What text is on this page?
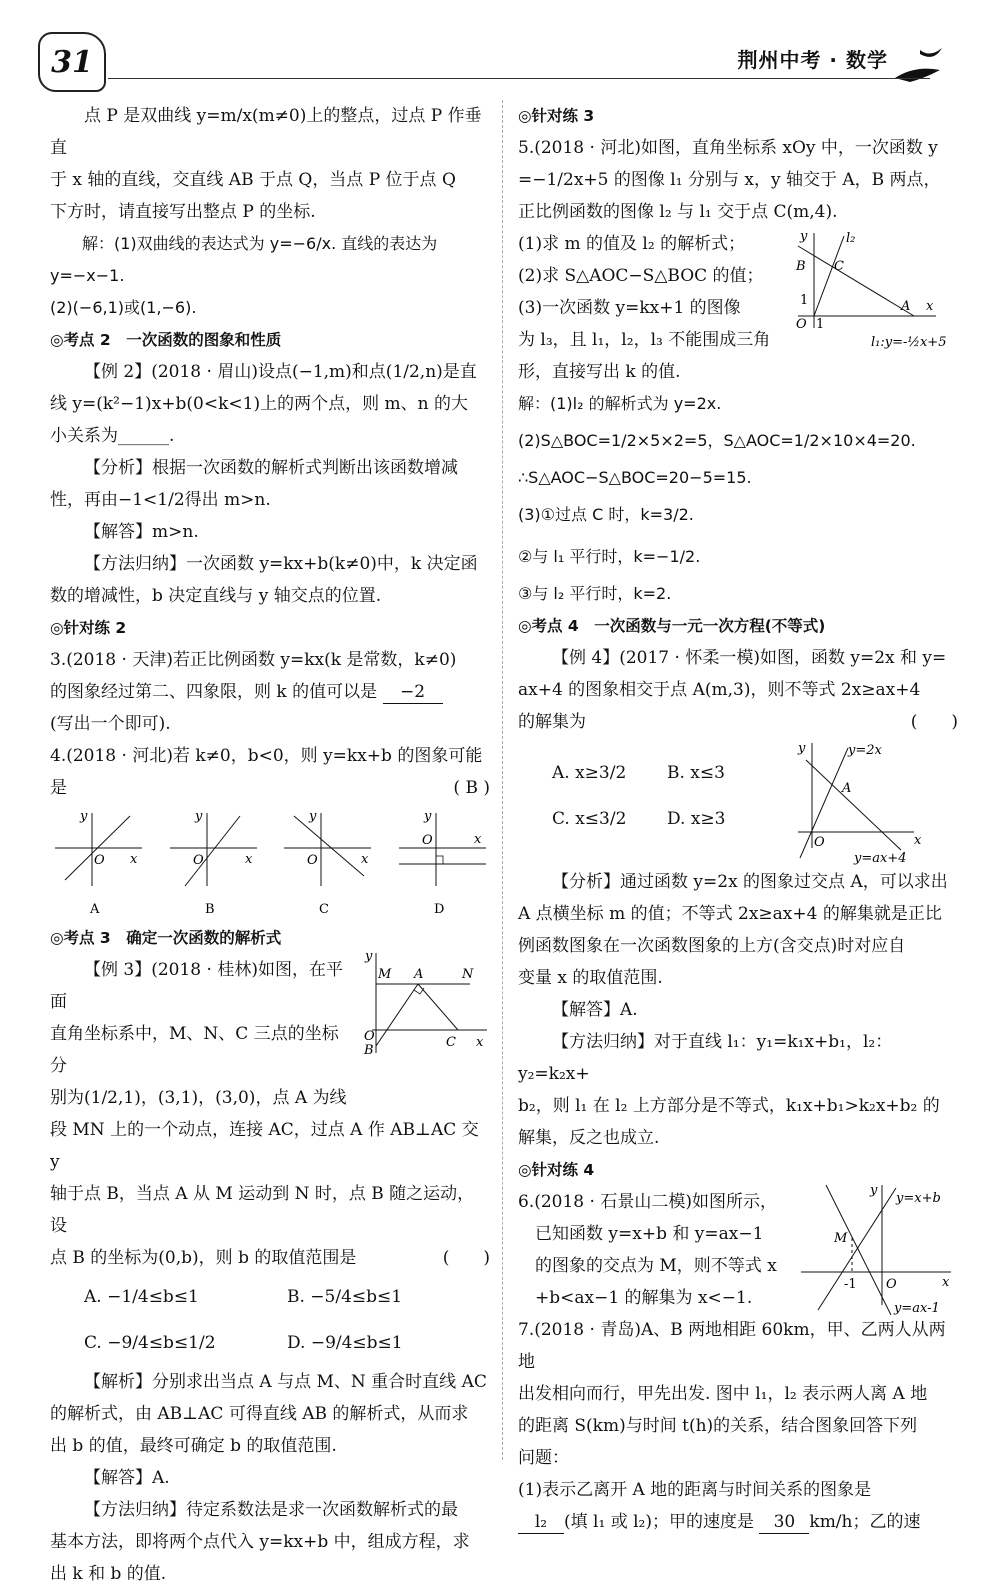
31	荆州中考 · 数学

点 P 是双曲线 y=m/x(m≠0)上的整点，过点 P 作垂直

于 x 轴的直线，交直线 AB 于点 Q，当点 P 位于点 Q

下方时，请直接写出整点 P 的坐标.

解：(1)双曲线的表达式为 y=−6/x. 直线的表达为

y=−x−1.

(2)(−6,1)或(1,−6).

◎考点 2　一次函数的图象和性质

【例 2】(2018 · 眉山)设点(−1,m)和点(1/2,n)是直

线 y=(k²−1)x+b(0<k<1)上的两个点，则 m、n 的大

小关系为______.

【分析】根据一次函数的解析式判断出该函数增减

性，再由−1<1/2得出 m>n.

【解答】m>n.

【方法归纳】一次函数 y=kx+b(k≠0)中，k 决定函

数的增减性，b 决定直线与 y 轴交点的位置.

◎针对练 2

3.(2018 · 天津)若正比例函数 y=kx(k 是常数，k≠0)

的图象经过第二、四象限，则 k 的值可以是 −2

(写出一个即可).

4.(2018 · 河北)若 k≠0，b<0，则 y=kx+b 的图象可能

是	( B )

x
y
O
A
x
y
O
B
x
y
O
C
x
y
O
D

◎考点 3　确定一次函数的解析式

【例 3】(2018 · 桂林)如图，在平面

直角坐标系中，M、N、C 三点的坐标分

别为(1/2,1)，(3,1)，(3,0)，点 A 为线

y
M A	N
O
B
C x

段 MN 上的一个动点，连接 AC，过点 A 作 AB⊥AC 交 y

轴于点 B，当点 A 从 M 运动到 N 时，点 B 随之运动，设

点 B 的坐标为(0,b)，则 b 的取值范围是	(　　)

A. −1/4≤b≤1	B. −5/4≤b≤1
C. −9/4≤b≤1/2	D. −9/4≤b≤1

【解析】分别求出当点 A 与点 M、N 重合时直线 AC

的解析式，由 AB⊥AC 可得直线 AB 的解析式，从而求

出 b 的值，最终可确定 b 的取值范围.

【解答】A.

【方法归纳】待定系数法是求一次函数解析式的最

基本方法，即将两个点代入 y=kx+b 中，组成方程，求

出 k 和 b 的值.

◎针对练 3

5.(2018 · 河北)如图，直角坐标系 xOy 中，一次函数 y

=−1/2x+5 的图像 l₁ 分别与 x，y 轴交于 A，B 两点，

正比例函数的图像 l₂ 与 l₁ 交于点 C(m,4).

(1)求 m 的值及 l₂ 的解析式；

(2)求 S△AOC−S△BOC 的值；

(3)一次函数 y=kx+1 的图像

为 l₃，且 l₁，l₂，l₃ 不能围成三角

形，直接写出 k 的值.

y	l₂
B C
A x
O
1
1
l₁:y=-½x+5

解：(1)l₂ 的解析式为 y=2x.

(2)S△BOC=1/2×5×2=5，S△AOC=1/2×10×4=20.

∴S△AOC−S△BOC=20−5=15.

(3)①过点 C 时，k=3/2.

②与 l₁ 平行时，k=−1/2.

③与 l₂ 平行时，k=2.

◎考点 4　一次函数与一元一次方程(不等式)

【例 4】(2017 · 怀柔一模)如图，函数 y=2x 和 y=

ax+4 的图象相交于点 A(m,3)，则不等式 2x≥ax+4

的解集为	(　　)

A. x≥3/2	B. x≤3
C. x≤3/2	D. x≥3
y	y=2x
A
O	x
y=ax+4

【分析】通过函数 y=2x 的图象过交点 A，可以求出

A 点横坐标 m 的值；不等式 2x≥ax+4 的解集就是正比

例函数图象在一次函数图象的上方(含交点)时对应自

变量 x 的取值范围.

【解答】A.

【方法归纳】对于直线 l₁：y₁=k₁x+b₁，l₂：y₂=k₂x+

b₂，则 l₁ 在 l₂ 上方部分是不等式，k₁x+b₁>k₂x+b₂ 的

解集，反之也成立.

◎针对练 4

6.(2018 · 石景山二模)如图所示，

已知函数 y=x+b 和 y=ax−1

的图象的交点为 M，则不等式 x

+b<ax−1 的解集为 x<−1.

y
y=x+b
M
-1 O	x
y=ax-1

7.(2018 · 青岛)A、B 两地相距 60km，甲、乙两人从两地

出发相向而行，甲先出发. 图中 l₁，l₂ 表示两人离 A 地

的距离 S(km)与时间 t(h)的关系，结合图象回答下列

问题：

(1)表示乙离开 A 地的距离与时间关系的图象是

l₂ (填 l₁ 或 l₂)；甲的速度是 30 km/h；乙的速
